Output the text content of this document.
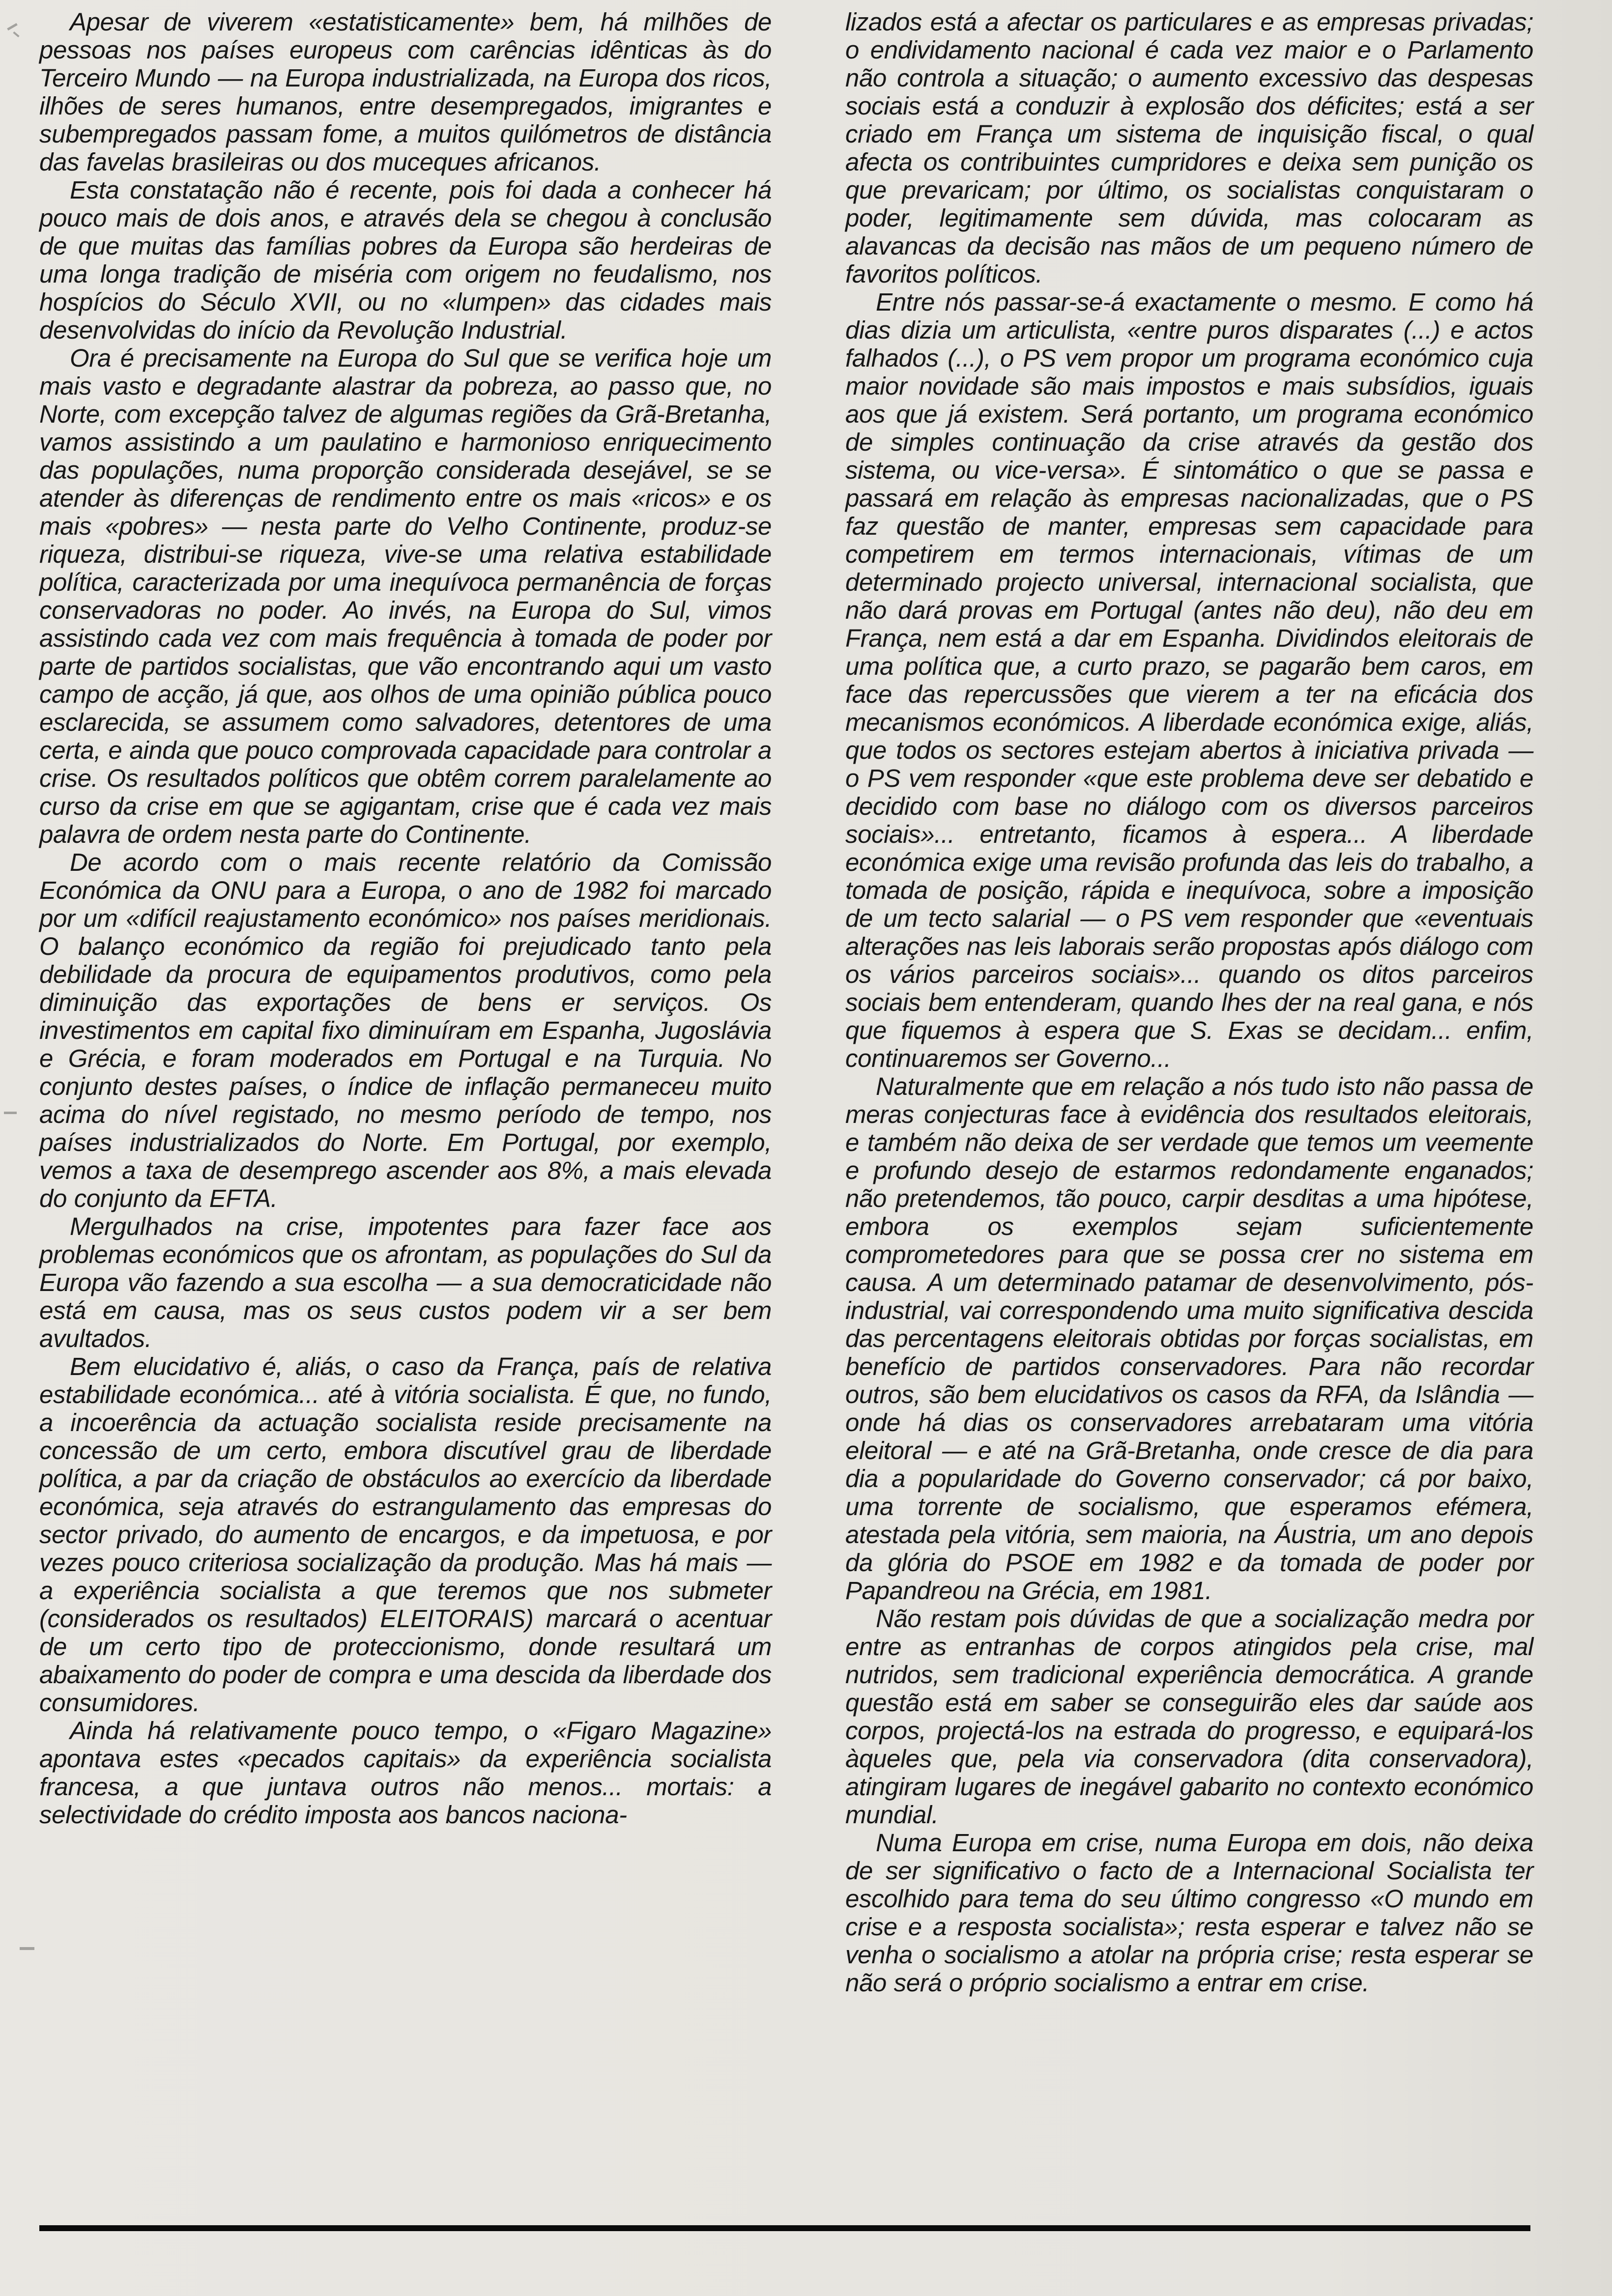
Apesar de viverem «estatisticamente» bem, há milhões de pessoas nos países europeus com carências idênticas às do Terceiro Mundo — na Europa industrializada, na Europa dos ricos, ilhões de seres humanos, entre desempregados, imigrantes e subempregados passam fome, a muitos quilómetros de distância das favelas brasileiras ou dos muceques africanos.

Esta constatação não é recente, pois foi dada a conhecer há pouco mais de dois anos, e através dela se chegou à conclusão de que muitas das famílias pobres da Europa são herdeiras de uma longa tradição de miséria com origem no feudalismo, nos hospícios do Século XVII, ou no «lumpen» das cidades mais desenvolvidas do início da Revolução Industrial.

Ora é precisamente na Europa do Sul que se verifica hoje um mais vasto e degradante alastrar da pobreza, ao passo que, no Norte, com excepção talvez de algumas regiões da Grã-Bretanha, vamos assistindo a um paulatino e harmonioso enriquecimento das populações, numa proporção considerada desejável, se se atender às diferenças de rendimento entre os mais «ricos» e os mais «pobres» — nesta parte do Velho Continente, produz-se riqueza, distribui-se riqueza, vive-se uma relativa estabilidade política, caracterizada por uma inequívoca permanência de forças conservadoras no poder. Ao invés, na Europa do Sul, vimos assistindo cada vez com mais frequência à tomada de poder por parte de partidos socialistas, que vão encontrando aqui um vasto campo de acção, já que, aos olhos de uma opinião pública pouco esclarecida, se assumem como salvadores, detentores de uma certa, e ainda que pouco comprovada capacidade para controlar a crise. Os resultados políticos que obtêm correm paralelamente ao curso da crise em que se agigantam, crise que é cada vez mais palavra de ordem nesta parte do Continente.

De acordo com o mais recente relatório da Comissão Económica da ONU para a Europa, o ano de 1982 foi marcado por um «difícil reajustamento económico» nos países meridionais. O balanço económico da região foi prejudicado tanto pela debilidade da procura de equipamentos produtivos, como pela diminuição das exportações de bens er serviços. Os investimentos em capital fixo diminuíram em Espanha, Jugoslávia e Grécia, e foram moderados em Portugal e na Turquia. No conjunto destes países, o índice de inflação permaneceu muito acima do nível registado, no mesmo período de tempo, nos países industrializados do Norte. Em Portugal, por exemplo, vemos a taxa de desemprego ascender aos 8%, a mais elevada do conjunto da EFTA.

Mergulhados na crise, impotentes para fazer face aos problemas económicos que os afrontam, as populações do Sul da Europa vão fazendo a sua escolha — a sua democraticidade não está em causa, mas os seus custos podem vir a ser bem avultados.

Bem elucidativo é, aliás, o caso da França, país de relativa estabilidade económica... até à vitória socialista. É que, no fundo, a incoerência da actuação socialista reside precisamente na concessão de um certo, embora discutível grau de liberdade política, a par da criação de obstáculos ao exercício da liberdade económica, seja através do estrangulamento das empresas do sector privado, do aumento de encargos, e da impetuosa, e por vezes pouco criteriosa socialização da produção. Mas há mais — a experiência socialista a que teremos que nos submeter (considerados os resultados) ELEITORAIS) marcará o acentuar de um certo tipo de proteccionismo, donde resultará um abaixamento do poder de compra e uma descida da liberdade dos consumidores.

Ainda há relativamente pouco tempo, o «Figaro Magazine» apontava estes «pecados capitais» da experiência socialista francesa, a que juntava outros não menos... mortais: a selectividade do crédito imposta aos bancos naciona-

lizados está a afectar os particulares e as empresas privadas; o endividamento nacional é cada vez maior e o Parlamento não controla a situação; o aumento excessivo das despesas sociais está a conduzir à explosão dos déficites; está a ser criado em França um sistema de inquisição fiscal, o qual afecta os contribuintes cumpridores e deixa sem punição os que prevaricam; por último, os socialistas conquistaram o poder, legitimamente sem dúvida, mas colocaram as alavancas da decisão nas mãos de um pequeno número de favoritos políticos.

Entre nós passar-se-á exactamente o mesmo. E como há dias dizia um articulista, «entre puros disparates (...) e actos falhados (...), o PS vem propor um programa económico cuja maior novidade são mais impostos e mais subsídios, iguais aos que já existem. Será portanto, um programa económico de simples continuação da crise através da gestão dos sistema, ou vice-versa». É sintomático o que se passa e passará em relação às empresas nacionalizadas, que o PS faz questão de manter, empresas sem capacidade para competirem em termos internacionais, vítimas de um determinado projecto universal, internacional socialista, que não dará provas em Portugal (antes não deu), não deu em França, nem está a dar em Espanha. Dividindos eleitorais de uma política que, a curto prazo, se pagarão bem caros, em face das repercussões que vierem a ter na eficácia dos mecanismos económicos. A liberdade económica exige, aliás, que todos os sectores estejam abertos à iniciativa privada — o PS vem responder «que este problema deve ser debatido e decidido com base no diálogo com os diversos parceiros sociais»... entretanto, ficamos à espera... A liberdade económica exige uma revisão profunda das leis do trabalho, a tomada de posição, rápida e inequívoca, sobre a imposição de um tecto salarial — o PS vem responder que «eventuais alterações nas leis laborais serão propostas após diálogo com os vários parceiros sociais»... quando os ditos parceiros sociais bem entenderam, quando lhes der na real gana, e nós que fiquemos à espera que S. Exas se decidam... enfim, continuaremos ser Governo...

Naturalmente que em relação a nós tudo isto não passa de meras conjecturas face à evidência dos resultados eleitorais, e também não deixa de ser verdade que temos um veemente e profundo desejo de estarmos redondamente enganados; não pretendemos, tão pouco, carpir desditas a uma hipótese, embora os exemplos sejam suficientemente comprometedores para que se possa crer no sistema em causa. A um determinado patamar de desenvolvimento, pós-industrial, vai correspondendo uma muito significativa descida das percentagens eleitorais obtidas por forças socialistas, em benefício de partidos conservadores. Para não recordar outros, são bem elucidativos os casos da RFA, da Islândia — onde há dias os conservadores arrebataram uma vitória eleitoral — e até na Grã-Bretanha, onde cresce de dia para dia a popularidade do Governo conservador; cá por baixo, uma torrente de socialismo, que esperamos efémera, atestada pela vitória, sem maioria, na Áustria, um ano depois da glória do PSOE em 1982 e da tomada de poder por Papandreou na Grécia, em 1981.

Não restam pois dúvidas de que a socialização medra por entre as entranhas de corpos atingidos pela crise, mal nutridos, sem tradicional experiência democrática. A grande questão está em saber se conseguirão eles dar saúde aos corpos, projectá-los na estrada do progresso, e equipará-los àqueles que, pela via conservadora (dita conservadora), atingiram lugares de inegável gabarito no contexto económico mundial.

Numa Europa em crise, numa Europa em dois, não deixa de ser significativo o facto de a Internacional Socialista ter escolhido para tema do seu último congresso «O mundo em crise e a resposta socialista»; resta esperar e talvez não se venha o socialismo a atolar na própria crise; resta esperar se não será o próprio socialismo a entrar em crise.
